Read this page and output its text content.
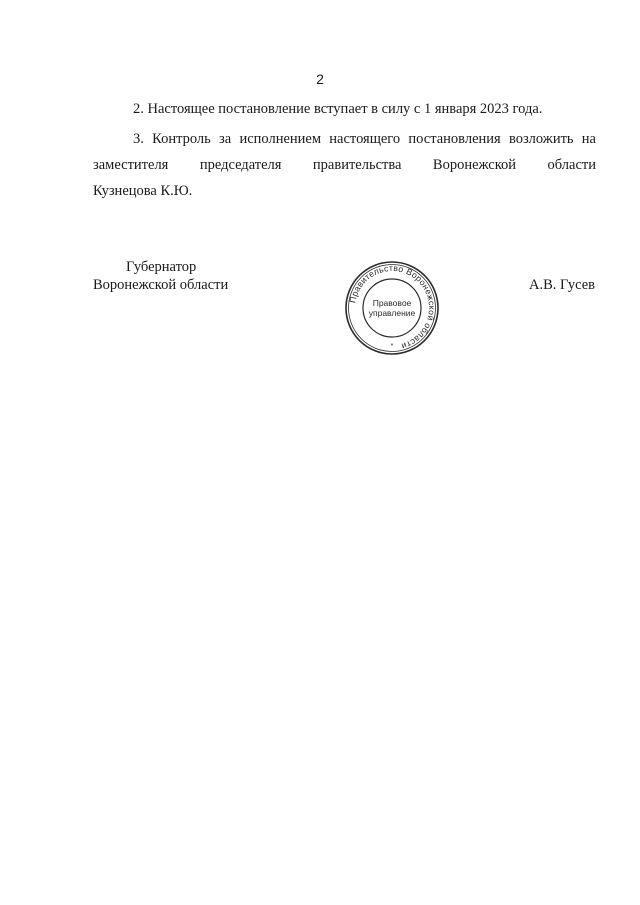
2
2. Настоящее постановление вступает в силу с 1 января 2023 года.
3. Контроль за исполнением настоящего постановления возложить на
заместителя председателя правительства Воронежской области
Кузнецова К.Ю.
Губернатор
Воронежской области
Правительство Воронежской области
Правовое
управление
*
А.В. Гусев
